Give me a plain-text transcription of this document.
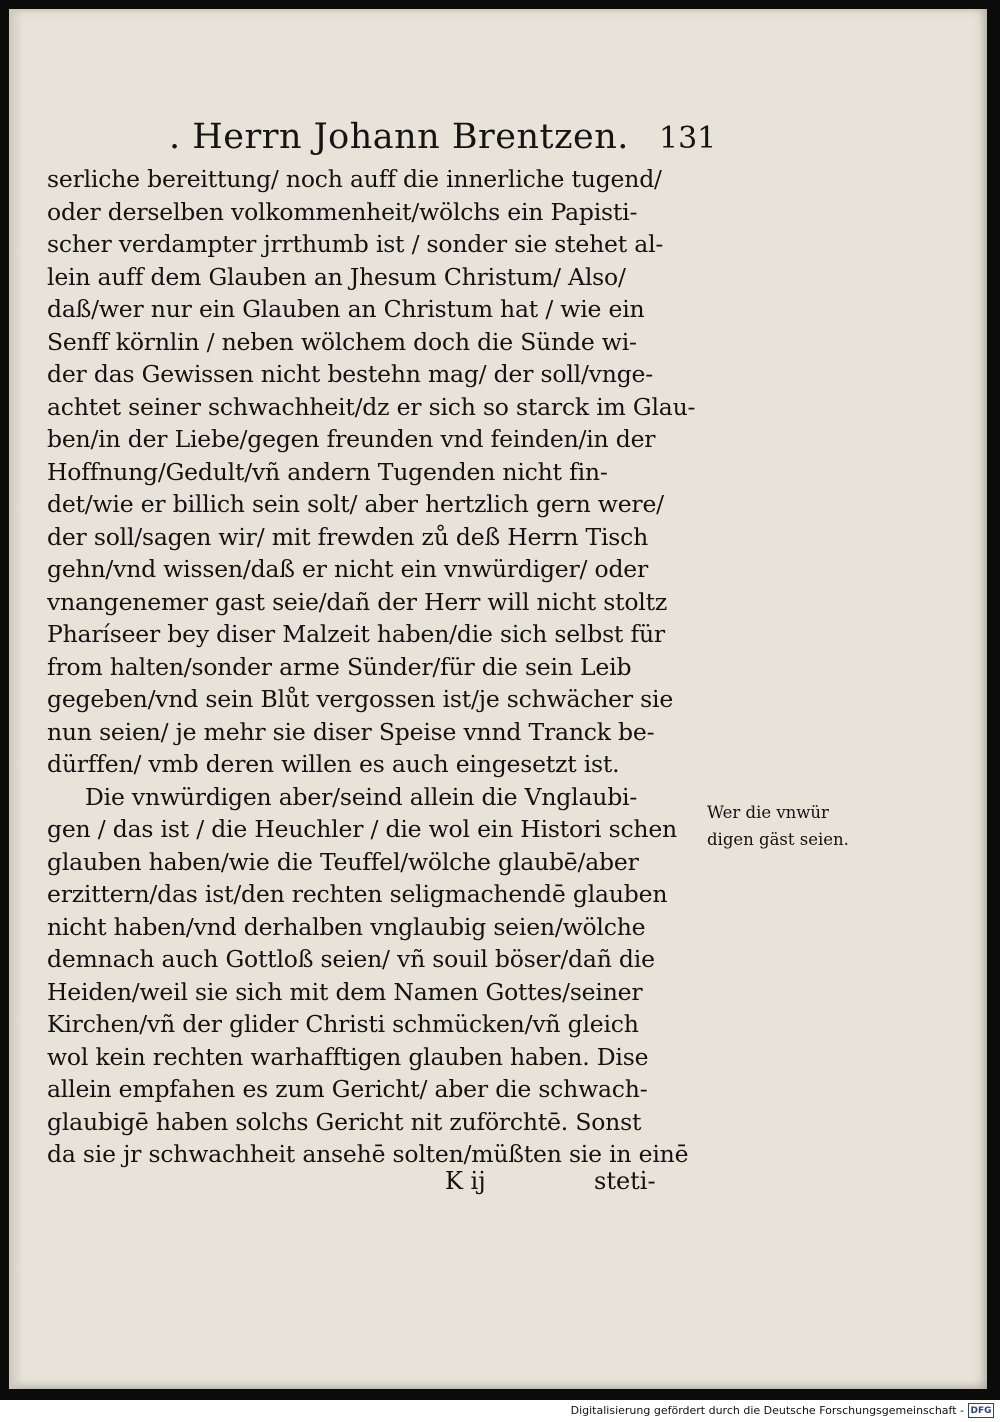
. Herrn Johann Brentzen. 131
serliche bereittung/ noch auff die innerliche tugend/
oder derselben volkommenheit/wölchs ein Papisti-
scher verdampter jrrthumb ist / sonder sie stehet al-
lein auff dem Glauben an Jhesum Christum/ Also/
daß/wer nur ein Glauben an Christum hat / wie ein
Senff körnlin / neben wölchem doch die Sünde wi-
der das Gewissen nicht bestehn mag/ der soll/vnge-
achtet seiner schwachheit/dz er sich so starck im Glau-
ben/in der Liebe/gegen freunden vnd feinden/in der
Hoffnung/Gedult/vñ andern Tugenden nicht fin-
det/wie er billich sein solt/ aber hertzlich gern were/
der soll/sagen wir/ mit frewden zů deß Herrn Tisch
gehn/vnd wissen/daß er nicht ein vnwürdiger/ oder
vnangenemer gast seie/dañ der Herr will nicht stoltz
Pharíseer bey diser Malzeit haben/die sich selbst für
from halten/sonder arme Sünder/für die sein Leib
gegeben/vnd sein Blůt vergossen ist/je schwächer sie
nun seien/ je mehr sie diser Speise vnnd Tranck be-
dürffen/ vmb deren willen es auch eingesetzt ist.
Die vnwürdigen aber/seind allein die Vnglaubi-
gen / das ist / die Heuchler / die wol ein Histori schen
glauben haben/wie die Teuffel/wölche glaubē/aber
erzittern/das ist/den rechten seligmachendē glauben
nicht haben/vnd derhalben vnglaubig seien/wölche
demnach auch Gottloß seien/ vñ souil böser/dañ die
Heiden/weil sie sich mit dem Namen Gottes/seiner
Kirchen/vñ der glider Christi schmücken/vñ gleich
wol kein rechten warhafftigen glauben haben. Dise
allein empfahen es zum Gericht/ aber die schwach-
glaubigē haben solchs Gericht nit zuförchtē. Sonst
da sie jr schwachheit ansehē solten/müßten sie in einē
K ij	steti-
Wer die vnwür
digen gäst seien.
Digitalisierung gefördert durch die Deutsche Forschungsgemeinschaft - DFG
